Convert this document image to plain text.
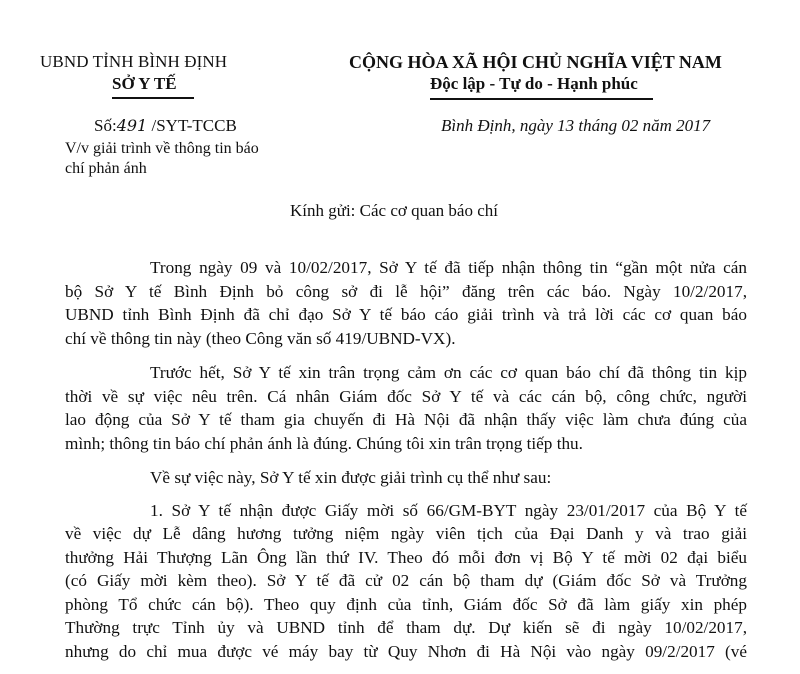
UBND TỈNH BÌNH ĐỊNH
SỞ Y TẾ
CỘNG HÒA XÃ HỘI CHỦ NGHĨA VIỆT NAM
Độc lập - Tự do - Hạnh phúc
Số:491 /SYT-TCCB
V/v giải trình về thông tin báo
chí phản ánh
Bình Định, ngày 13 tháng 02 năm 2017
Kính gửi: Các cơ quan báo chí

Trong ngày 09 và 10/02/2017, Sở Y tế đã tiếp nhận thông tin “gần một nửa cán
bộ Sở Y tế Bình Định bỏ công sở đi lễ hội” đăng trên các báo. Ngày 10/2/2017,
UBND tỉnh Bình Định đã chỉ đạo Sở Y tế báo cáo giải trình và trả lời các cơ quan báo
chí về thông tin này (theo Công văn số 419/UBND-VX).

Trước hết, Sở Y tế xin trân trọng cảm ơn các cơ quan báo chí đã thông tin kịp
thời về sự việc nêu trên. Cá nhân Giám đốc Sở Y tế và các cán bộ, công chức, người
lao động của Sở Y tế tham gia chuyến đi Hà Nội đã nhận thấy việc làm chưa đúng của
mình; thông tin báo chí phản ánh là đúng. Chúng tôi xin trân trọng tiếp thu.

Về sự việc này, Sở Y tế xin được giải trình cụ thể như sau:

1. Sở Y tế nhận được Giấy mời số 66/GM-BYT ngày 23/01/2017 của Bộ Y tế
về việc dự Lễ dâng hương tưởng niệm ngày viên tịch của Đại Danh y và trao giải
thưởng Hải Thượng Lãn Ông lần thứ IV. Theo đó mỗi đơn vị Bộ Y tế mời 02 đại biểu
(có Giấy mời kèm theo). Sở Y tế đã cử 02 cán bộ tham dự (Giám đốc Sở và Trưởng
phòng Tổ chức cán bộ). Theo quy định của tỉnh, Giám đốc Sở đã làm giấy xin phép
Thường trực Tỉnh ủy và UBND tỉnh để tham dự. Dự kiến sẽ đi ngày 10/02/2017,
nhưng do chỉ mua được vé máy bay từ Quy Nhơn đi Hà Nội vào ngày 09/2/2017 (vé
